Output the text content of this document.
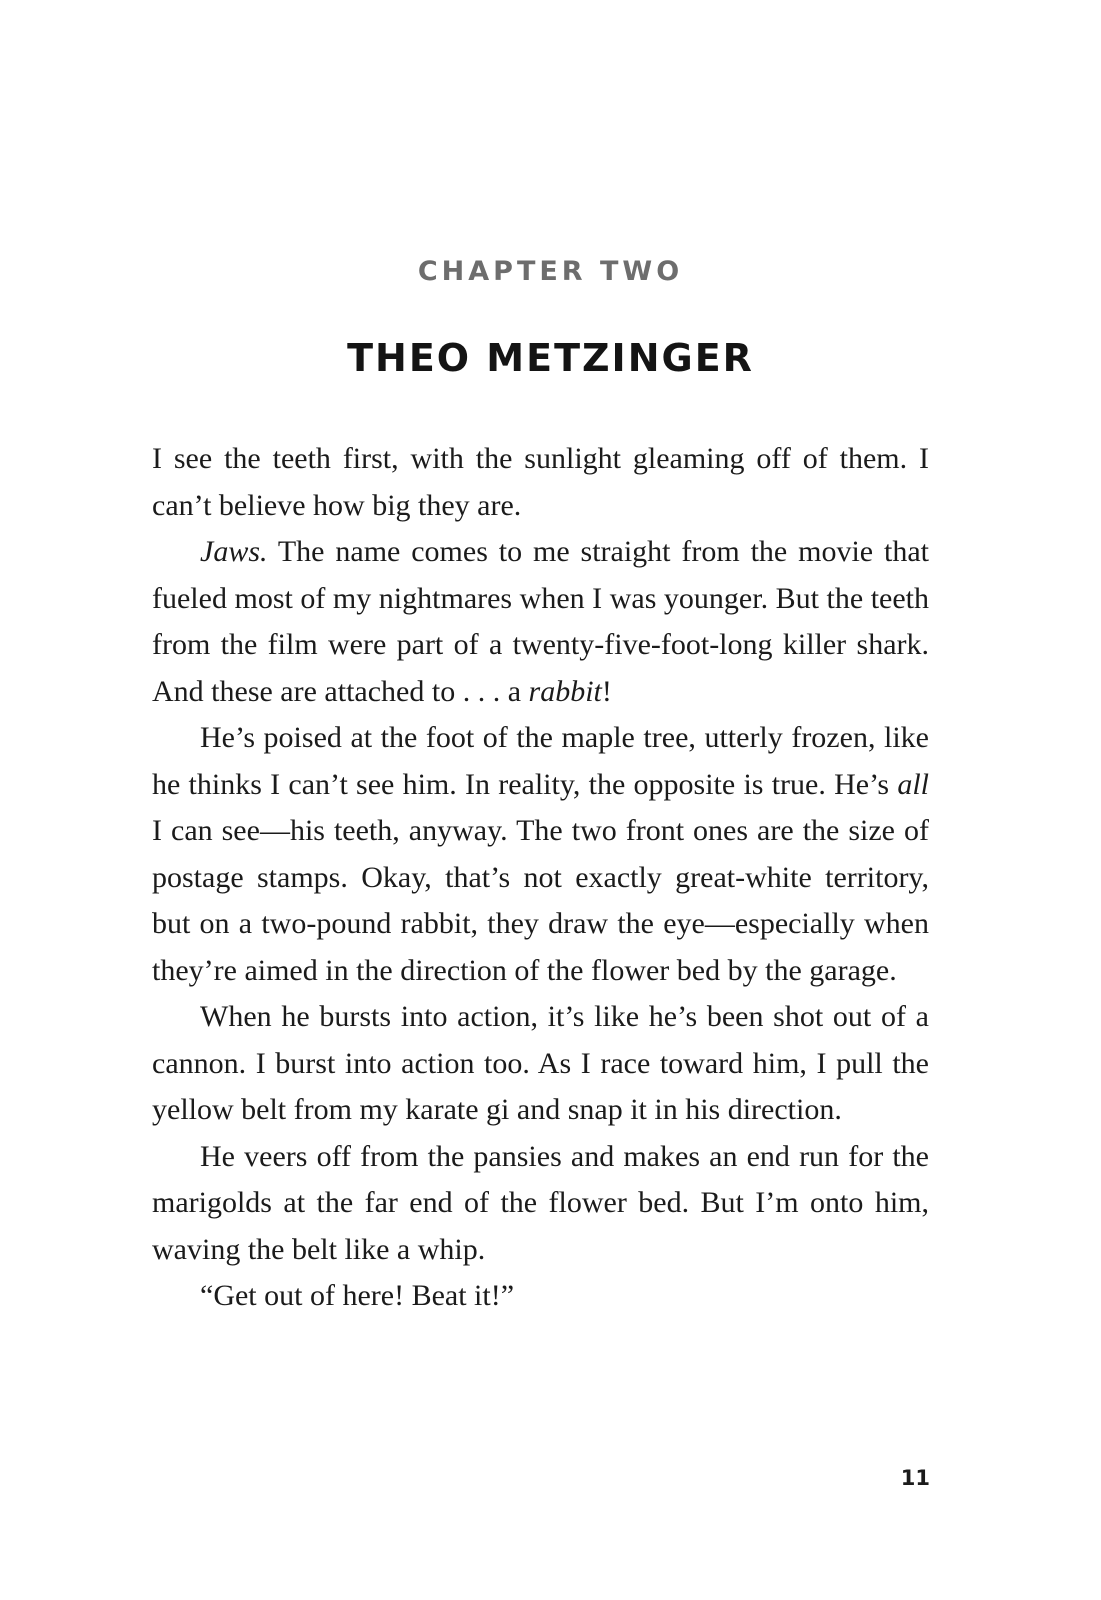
CHAPTER TWO
THEO METZINGER

I see the teeth first, with the sunlight gleaming off of them. I can’t believe how big they are.

Jaws. The name comes to me straight from the movie that fueled most of my nightmares when I was younger. But the teeth from the film were part of a twenty-five-foot-long killer shark. And these are attached to . . . a rabbit!

He’s poised at the foot of the maple tree, utterly frozen, like he thinks I can’t see him. In reality, the opposite is true. He’s all I can see—his teeth, anyway. The two front ones are the size of postage stamps. Okay, that’s not exactly great-white territory, but on a two-pound rabbit, they draw the eye—especially when they’re aimed in the direction of the flower bed by the garage.

When he bursts into action, it’s like he’s been shot out of a cannon. I burst into action too. As I race toward him, I pull the yellow belt from my karate gi and snap it in his direction.

He veers off from the pansies and makes an end run for the marigolds at the far end of the flower bed. But I’m onto him, waving the belt like a whip.

“Get out of here! Beat it!”

11
